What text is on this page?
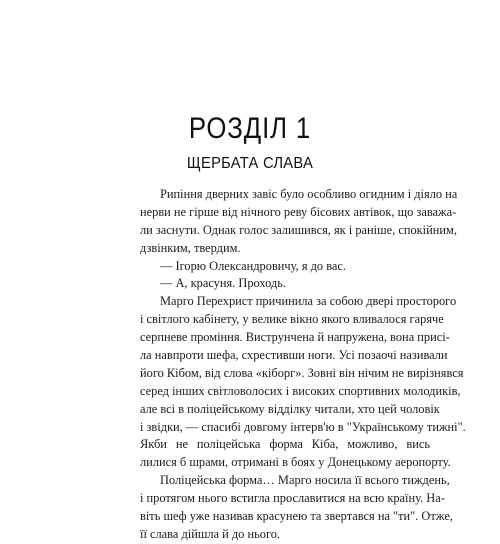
РОЗДІЛ 1
ЩЕРБАТА СЛАВА
Рипіння дверних завіс було особливо огидним і діяло на
нерви не гірше від нічного реву бісових автівок, що заважа-
ли заснути. Однак голос залишився, як і раніше, спокійним,
дзвінким, твердим.
— Ігорю Олександровичу, я до вас.
— А, красуня. Проходь.
Марго Перехрист причинила за собою двері просторого
і світлого кабінету, у велике вікно якого вливалося гаряче
серпневе проміння. Виструнчена й напружена, вона присі-
ла навпроти шефа, схрестивши ноги. Усі позаочі називали
його Кібом, від слова «кіборг». Зовні він нічим не вирізнявся
серед інших світловолосих і високих спортивних молодиків,
але всі в поліцейському відділку читали, хто цей чоловік
і звідки, — спасибі довгому інтерв'ю в "Українському тижні".
Якби не поліцейська форма Кіба, можливо, вись
лилися б шрами, отримані в боях у Донецькому аеропорту.
Поліцейська форма… Марго носила її всього тиждень,
і протягом нього встигла прославитися на всю країну. На-
віть шеф уже називав красунею та звертався на "ти". Отже,
її слава дійшла й до нього.
